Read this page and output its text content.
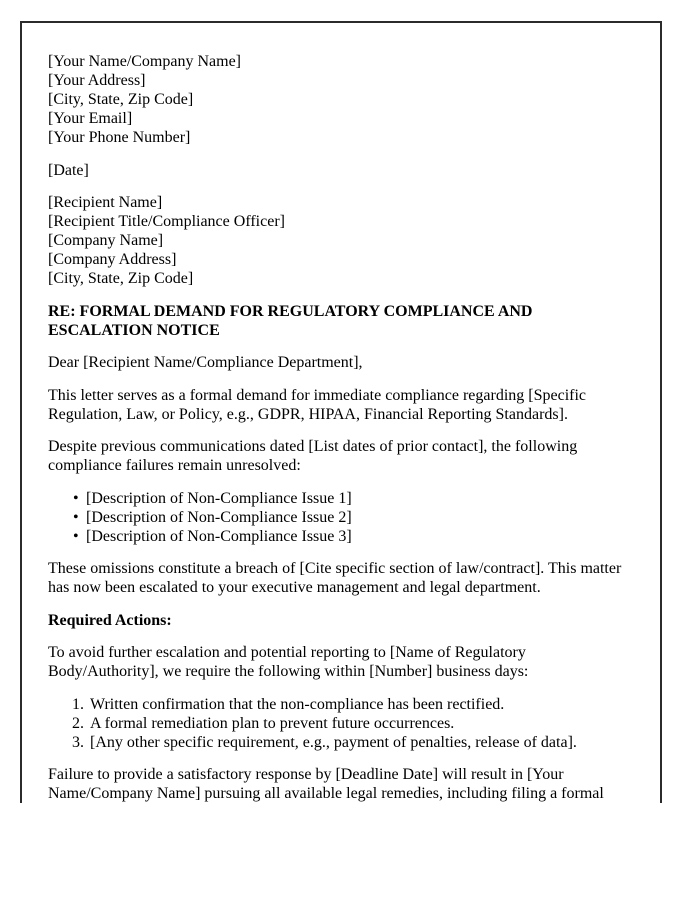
[Your Name/Company Name]
[Your Address]
[City, State, Zip Code]
[Your Email]
[Your Phone Number]
[Date]
[Recipient Name]
[Recipient Title/Compliance Officer]
[Company Name]
[Company Address]
[City, State, Zip Code]
RE: FORMAL DEMAND FOR REGULATORY COMPLIANCE AND
ESCALATION NOTICE
Dear [Recipient Name/Compliance Department],
This letter serves as a formal demand for immediate compliance regarding [Specific
Regulation, Law, or Policy, e.g., GDPR, HIPAA, Financial Reporting Standards].
Despite previous communications dated [List dates of prior contact], the following
compliance failures remain unresolved:
• [Description of Non-Compliance Issue 1]
• [Description of Non-Compliance Issue 2]
• [Description of Non-Compliance Issue 3]
These omissions constitute a breach of [Cite specific section of law/contract]. This matter
has now been escalated to your executive management and legal department.
Required Actions:
To avoid further escalation and potential reporting to [Name of Regulatory
Body/Authority], we require the following within [Number] business days:
1. Written confirmation that the non-compliance has been rectified.
2. A formal remediation plan to prevent future occurrences.
3. [Any other specific requirement, e.g., payment of penalties, release of data].
Failure to provide a satisfactory response by [Deadline Date] will result in [Your
Name/Company Name] pursuing all available legal remedies, including filing a formal
